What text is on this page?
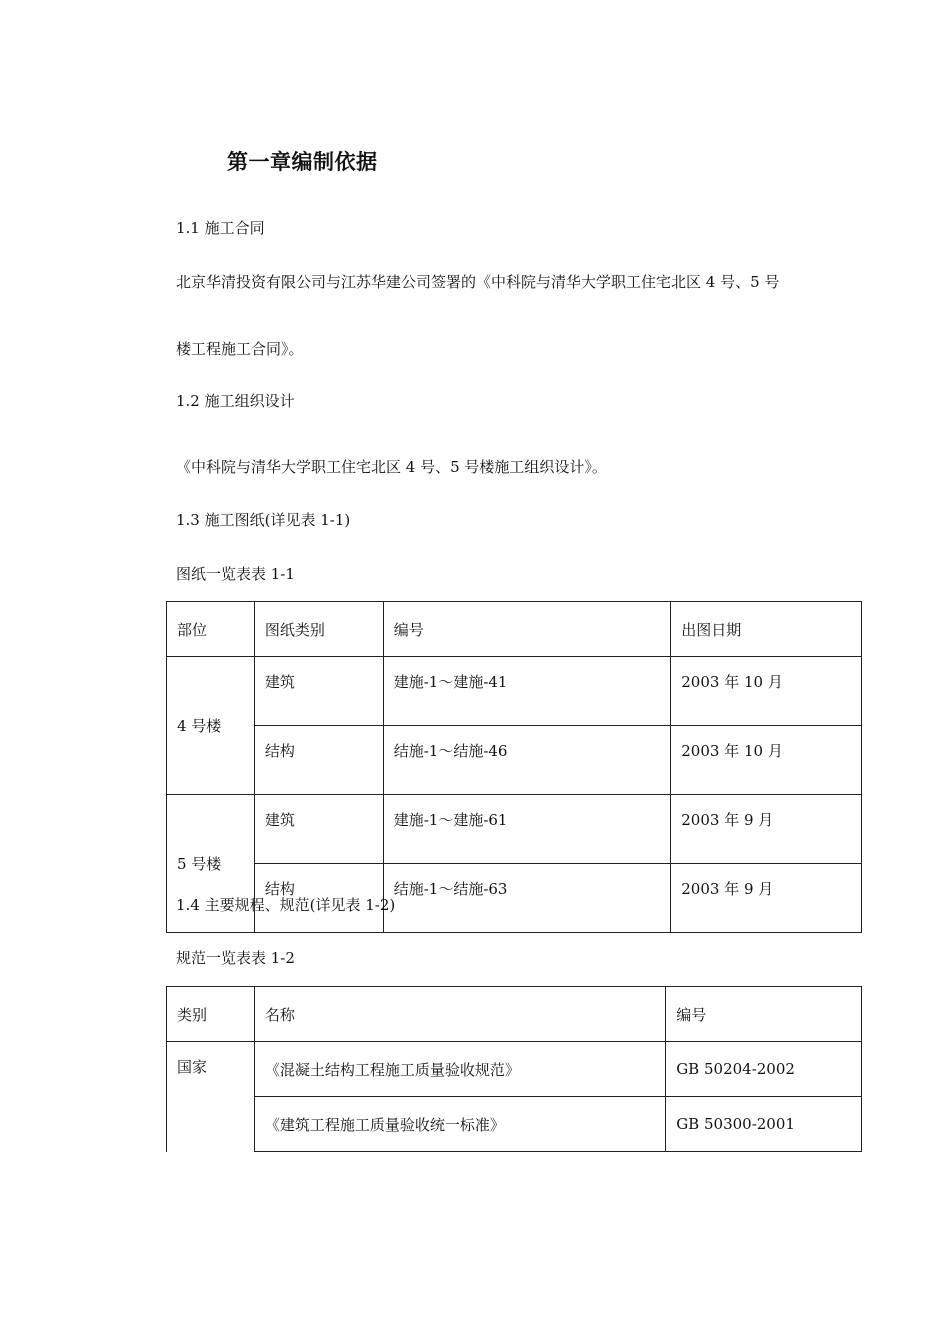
第一章编制依据
1.1 施工合同
北京华清投资有限公司与江苏华建公司签署的《中科院与清华大学职工住宅北区 4 号、5 号
楼工程施工合同》。
1.2 施工组织设计
《中科院与清华大学职工住宅北区 4 号、5 号楼施工组织设计》。
1.3 施工图纸(详见表 1-1)
图纸一览表表 1-1
部位	图纸类别	编号	出图日期
4 号楼	建筑	建施-1～建施-41	2003 年 10 月
	结构	结施-1～结施-46	2003 年 10 月
5 号楼	建筑	建施-1～建施-61	2003 年 9 月
	结构	结施-1～结施-63	2003 年 9 月
1.4 主要规程、规范(详见表 1-2)
规范一览表表 1-2
类别	名称	编号
国家	《混凝土结构工程施工质量验收规范》	GB 50204-2002
	《建筑工程施工质量验收统一标准》	GB 50300-2001
